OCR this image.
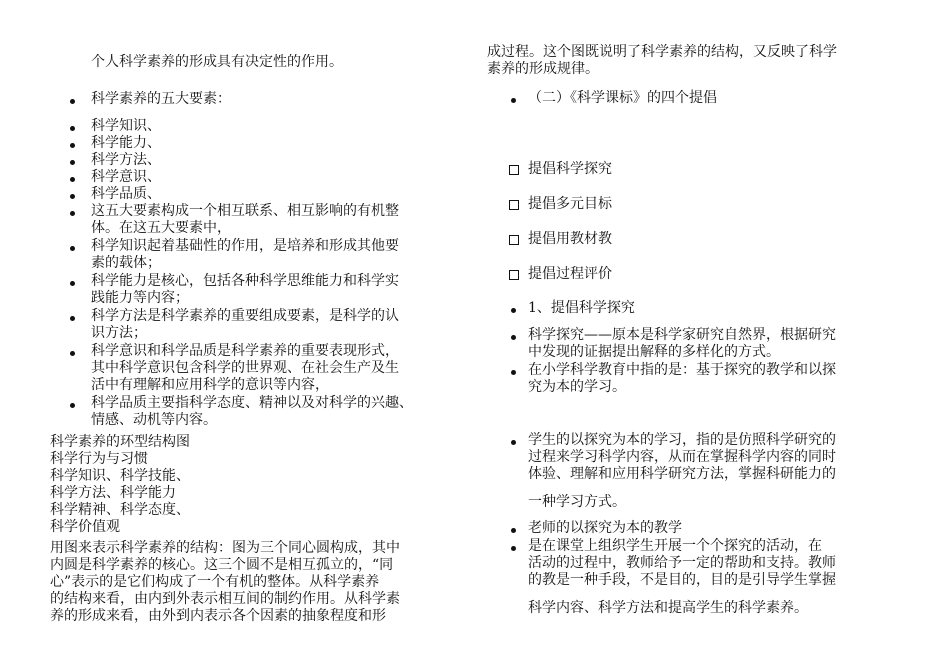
个人科学素养的形成具有决定性的作用。
科学素养的五大要素：
科学知识、
科学能力、
科学方法、
科学意识、
科学品质、
这五大要素构成一个相互联系、相互影响的有机整
体。在这五大要素中，
科学知识起着基础性的作用，是培养和形成其他要
素的载体；
科学能力是核心，包括各种科学思维能力和科学实
践能力等内容；
科学方法是科学素养的重要组成要素，是科学的认
识方法；
科学意识和科学品质是科学素养的重要表现形式，
其中科学意识包含科学的世界观、在社会生产及生
活中有理解和应用科学的意识等内容，
科学品质主要指科学态度、精神以及对科学的兴趣、
情感、动机等内容。
科学素养的环型结构图
科学行为与习惯
科学知识、科学技能、
科学方法、科学能力
科学精神、科学态度、
科学价值观
用图来表示科学素养的结构：图为三个同心圆构成，其中
内圆是科学素养的核心。这三个圆不是相互孤立的，“同
心”表示的是它们构成了一个有机的整体。从科学素养
的结构来看，由内到外表示相互间的制约作用。从科学素
养的形成来看，由外到内表示各个因素的抽象程度和形
成过程。这个图既说明了科学素养的结构，又反映了科学
素养的形成规律。
（二）《科学课标》的四个提倡
提倡科学探究
提倡多元目标
提倡用教材教
提倡过程评价
1、提倡科学探究
科学探究——原本是科学家研究自然界，根据研究
中发现的证据提出解释的多样化的方式。
在小学科学教育中指的是：基于探究的教学和以探
究为本的学习。
学生的以探究为本的学习，指的是仿照科学研究的
过程来学习科学内容，从而在掌握科学内容的同时
体验、理解和应用科学研究方法，掌握科研能力的
一种学习方式。
老师的以探究为本的教学
是在课堂上组织学生开展一个个探究的活动，在
活动的过程中，教师给予一定的帮助和支持。教师
的教是一种手段，不是目的，目的是引导学生掌握
科学内容、科学方法和提高学生的科学素养。
